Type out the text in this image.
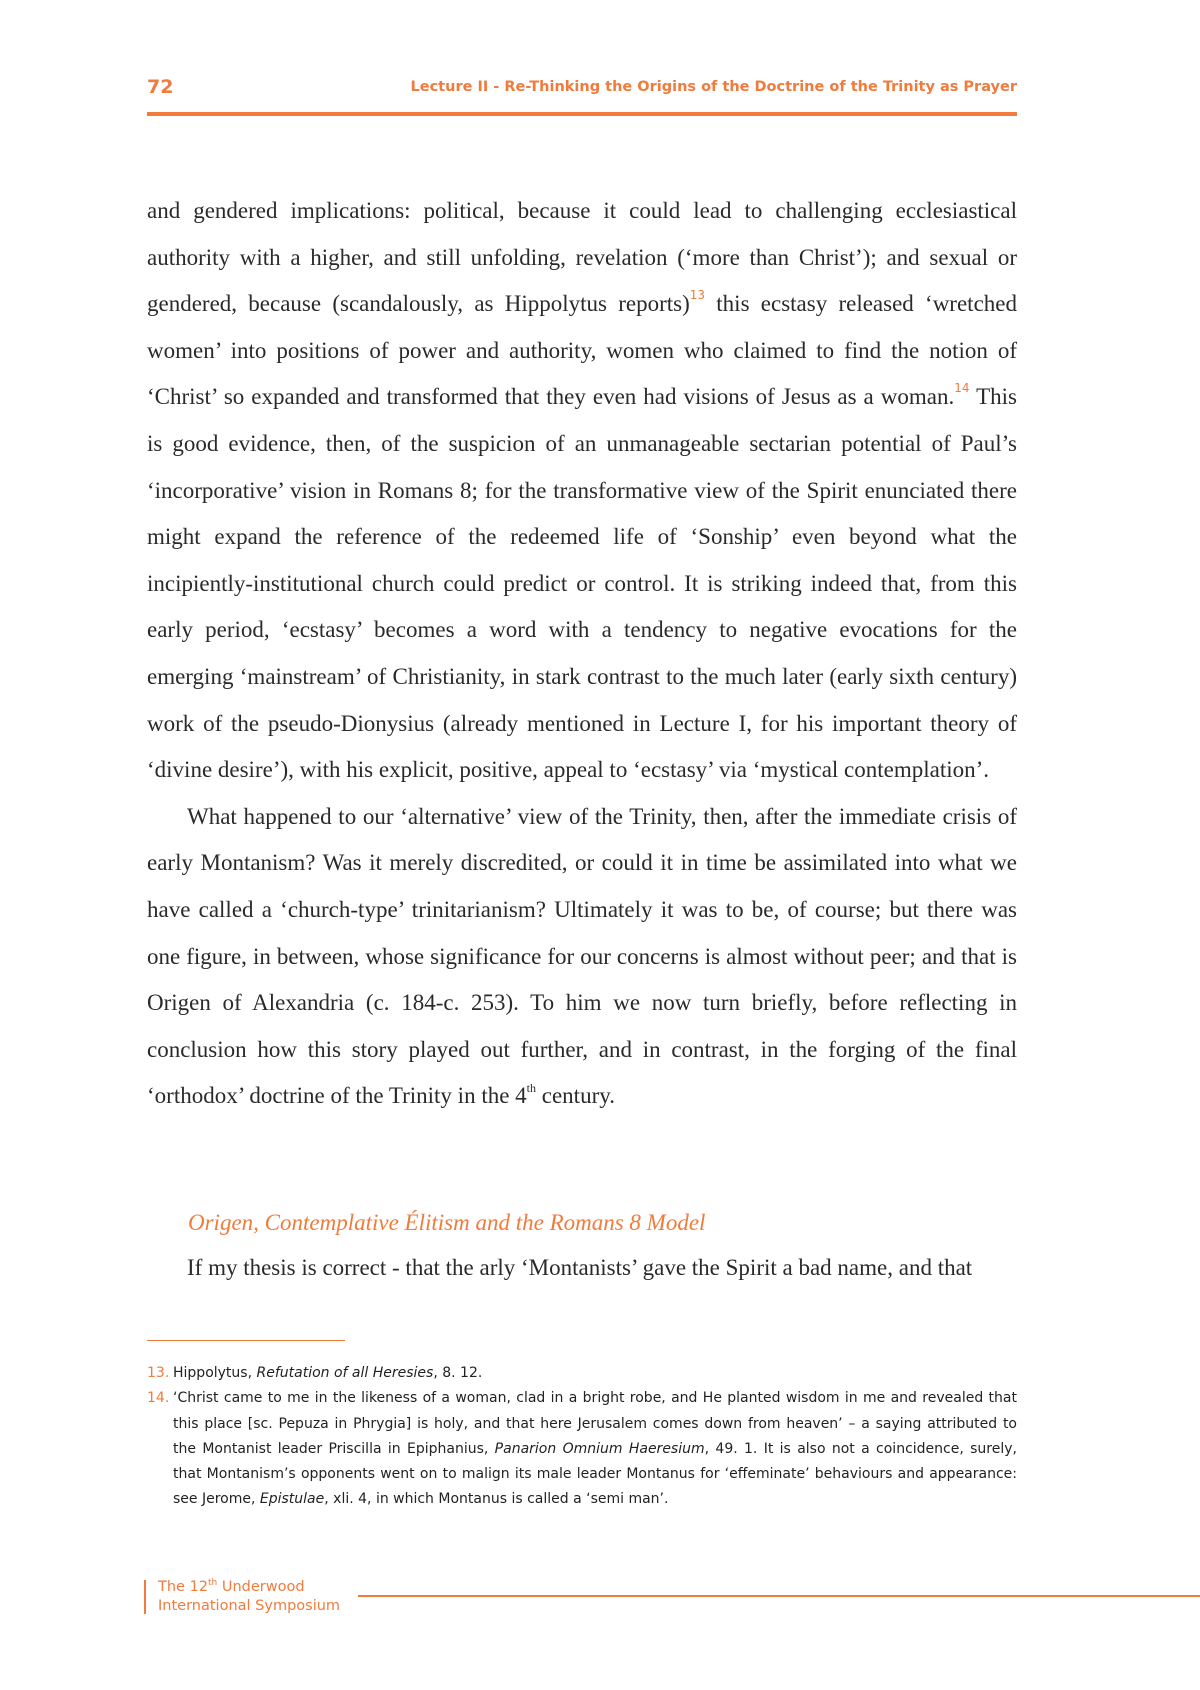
72	Lecture II - Re-Thinking the Origins of the Doctrine of the Trinity as Prayer

and gendered implications: political, because it could lead to challenging ecclesiastical authority with a higher, and still unfolding, revelation (‘more than Christ’); and sexual or gendered, because (scandalously, as Hippolytus reports)$^{13}$ this ecstasy released ‘wretched women’ into positions of power and authority, women who claimed to find the notion of ‘Christ’ so expanded and transformed that they even had visions of Jesus as a woman.$^{14}$ This is good evidence, then, of the suspicion of an unmanageable sectarian potential of Paul’s ‘incorporative’ vision in Romans 8; for the transformative view of the Spirit enunciated there might expand the reference of the redeemed life of ‘Sonship’ even beyond what the incipiently-institutional church could predict or control. It is striking indeed that, from this early period, ‘ecstasy’ becomes a word with a tendency to negative evocations for the emerging ‘mainstream’ of Christianity, in stark contrast to the much later (early sixth century) work of the pseudo-Dionysius (already mentioned in Lecture I, for his important theory of ‘divine desire’), with his explicit, positive, appeal to ‘ecstasy’ via ‘mystical contemplation’.

What happened to our ‘alternative’ view of the Trinity, then, after the immediate crisis of early Montanism? Was it merely discredited, or could it in time be assimilated into what we have called a ‘church-type’ trinitarianism? Ultimately it was to be, of course; but there was one figure, in between, whose significance for our concerns is almost without peer; and that is Origen of Alexandria (c. 184-c. 253). To him we now turn briefly, before reflecting in conclusion how this story played out further, and in contrast, in the forging of the final ‘orthodox’ doctrine of the Trinity in the 4th century.

Origen, Contemplative Élitism and the Romans 8 Model
If my thesis is correct - that the arly ‘Montanists’ gave the Spirit a bad name, and that
13. Hippolytus, Refutation of all Heresies, 8. 12.
14. ‘Christ came to me in the likeness of a woman, clad in a bright robe, and He planted wisdom in me and revealed that this place [sc. Pepuza in Phrygia] is holy, and that here Jerusalem comes down from heaven’ – a saying attributed to the Montanist leader Priscilla in Epiphanius, Panarion Omnium Haeresium, 49. 1. It is also not a coincidence, surely, that Montanism’s opponents went on to malign its male leader Montanus for ‘effeminate’ behaviours and appearance: see Jerome, Epistulae, xli. 4, in which Montanus is called a ‘semi man’.
The 12th Underwood
International Symposium
